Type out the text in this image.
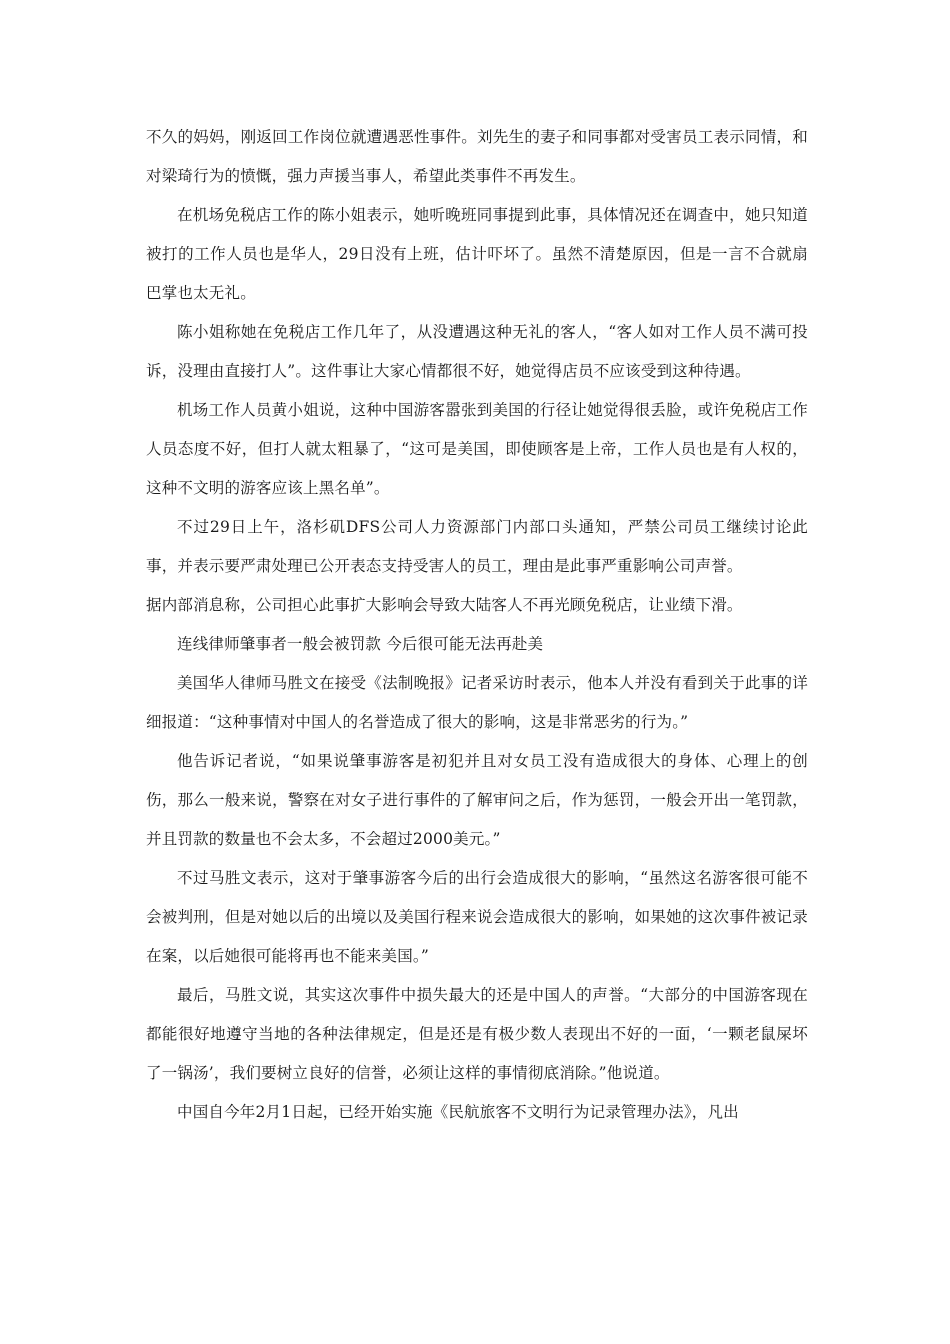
不久的妈妈，刚返回工作岗位就遭遇恶性事件。刘先生的妻子和同事都对受害员工表示同情，和对梁琦行为的愤慨，强力声援当事人，希望此类事件不再发生。

在机场免税店工作的陈小姐表示，她听晚班同事提到此事，具体情况还在调查中，她只知道被打的工作人员也是华人，29日没有上班，估计吓坏了。虽然不清楚原因，但是一言不合就扇巴掌也太无礼。

陈小姐称她在免税店工作几年了，从没遭遇这种无礼的客人，“客人如对工作人员不满可投诉，没理由直接打人”。这件事让大家心情都很不好，她觉得店员不应该受到这种待遇。

机场工作人员黄小姐说，这种中国游客嚣张到美国的行径让她觉得很丢脸，或许免税店工作人员态度不好，但打人就太粗暴了，“这可是美国，即使顾客是上帝，工作人员也是有人权的，这种不文明的游客应该上黑名单”。

不过29日上午，洛杉矶DFS公司人力资源部门内部口头通知，严禁公司员工继续讨论此事，并表示要严肃处理已公开表态支持受害人的员工，理由是此事严重影响公司声誉。

据内部消息称，公司担心此事扩大影响会导致大陆客人不再光顾免税店，让业绩下滑。

连线律师肇事者一般会被罚款 今后很可能无法再赴美

美国华人律师马胜文在接受《法制晚报》记者采访时表示，他本人并没有看到关于此事的详细报道：“这种事情对中国人的名誉造成了很大的影响，这是非常恶劣的行为。”

他告诉记者说，“如果说肇事游客是初犯并且对女员工没有造成很大的身体、心理上的创伤，那么一般来说，警察在对女子进行事件的了解审问之后，作为惩罚，一般会开出一笔罚款，并且罚款的数量也不会太多，不会超过2000美元。”

不过马胜文表示，这对于肇事游客今后的出行会造成很大的影响，“虽然这名游客很可能不会被判刑，但是对她以后的出境以及美国行程来说会造成很大的影响，如果她的这次事件被记录在案，以后她很可能将再也不能来美国。”

最后，马胜文说，其实这次事件中损失最大的还是中国人的声誉。“大部分的中国游客现在都能很好地遵守当地的各种法律规定，但是还是有极少数人表现出不好的一面，‘一颗老鼠屎坏了一锅汤’，我们要树立良好的信誉，必须让这样的事情彻底消除。”他说道。

中国自今年2月1日起，已经开始实施《民航旅客不文明行为记录管理办法》，凡出
